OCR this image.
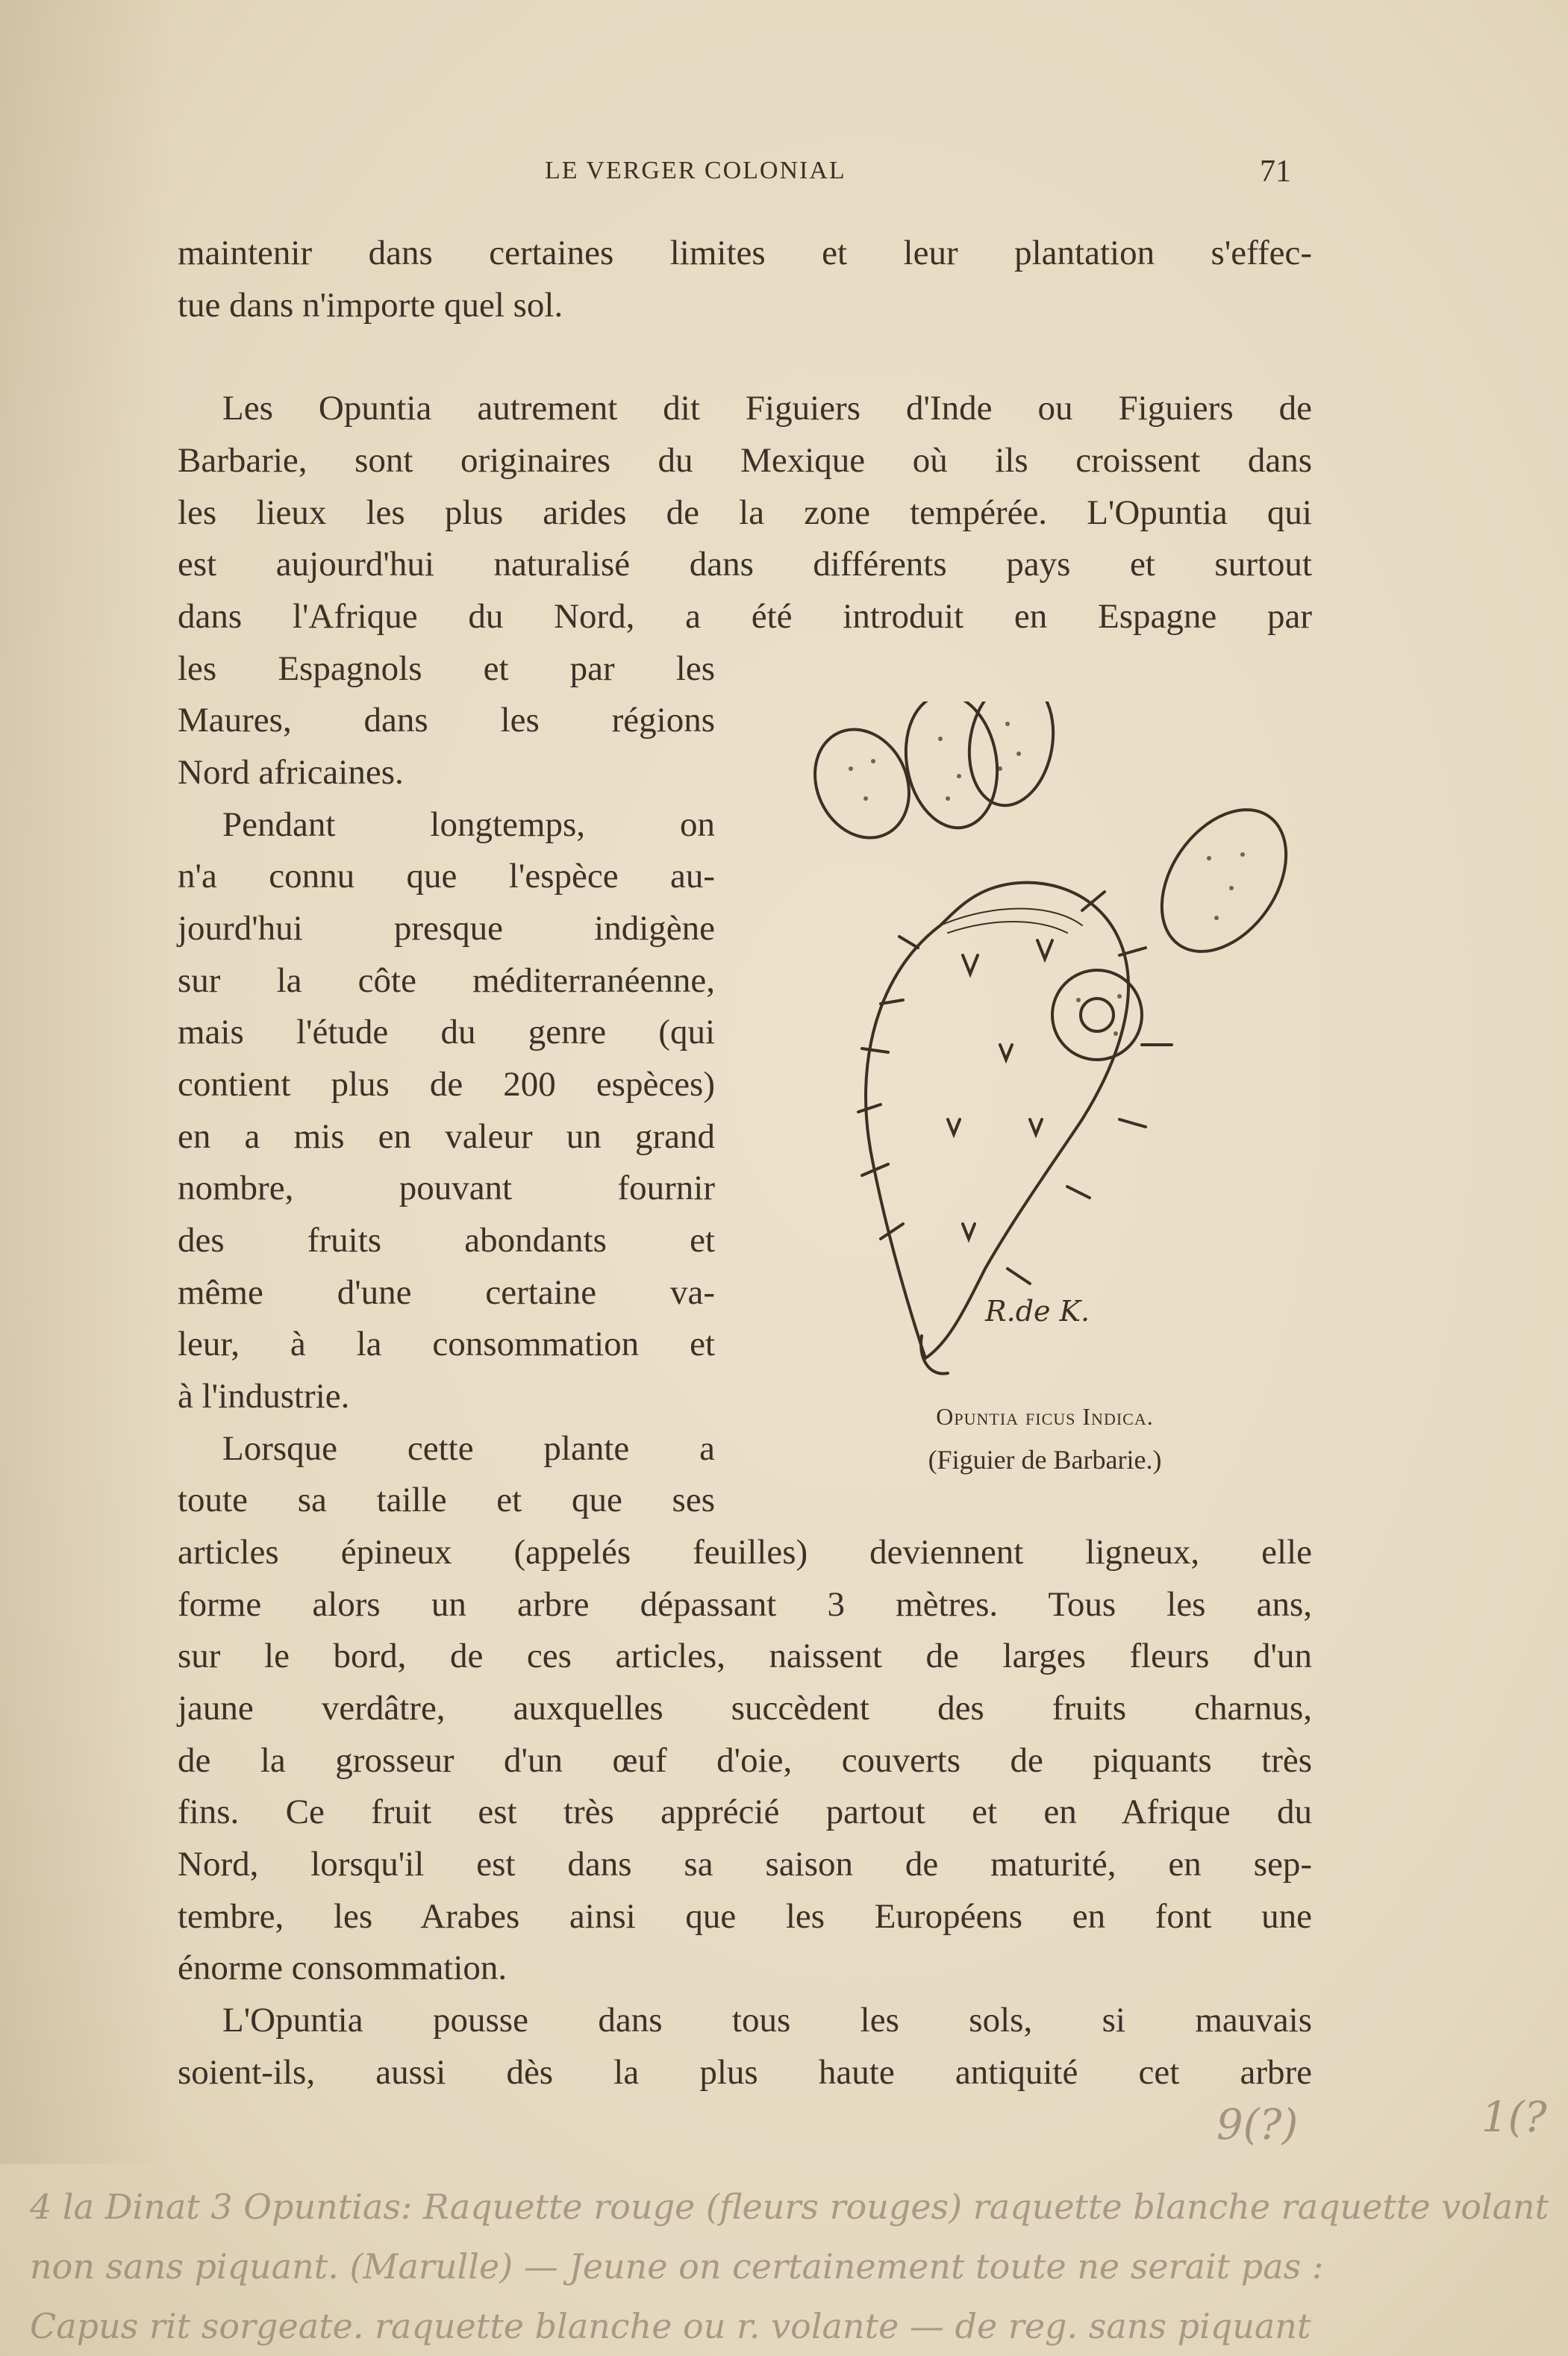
LE VERGER COLONIAL	71
maintenir dans certaines limites et leur plantation s'effec-
tue dans n'importe quel sol.
Les Opuntia autrement dit Figuiers d'Inde ou Figuiers de
Barbarie, sont originaires du Mexique où ils croissent dans
les lieux les plus arides de la zone tempérée. L'Opuntia qui
est aujourd'hui naturalisé dans différents pays et surtout
dans l'Afrique du Nord, a été introduit en Espagne par
les Espagnols et par les
Maures, dans les régions
Nord africaines.
Pendant longtemps, on
n'a connu que l'espèce au-
jourd'hui presque indigène
sur la côte méditerranéenne,
mais l'étude du genre (qui
contient plus de 200 espèces)
en a mis en valeur un grand
nombre, pouvant fournir
des fruits abondants et
même d'une certaine va-
leur, à la consommation et
à l'industrie.
Lorsque cette plante a
toute sa taille et que ses
articles épineux (appelés feuilles) deviennent ligneux, elle
forme alors un arbre dépassant 3 mètres. Tous les ans,
sur le bord, de ces articles, naissent de larges fleurs d'un
jaune verdâtre, auxquelles succèdent des fruits charnus,
de la grosseur d'un œuf d'oie, couverts de piquants très
fins. Ce fruit est très apprécié partout et en Afrique du
Nord, lorsqu'il est dans sa saison de maturité, en sep-
tembre, les Arabes ainsi que les Européens en font une
énorme consommation.
L'Opuntia pousse dans tous les sols, si mauvais
soient-ils, aussi dès la plus haute antiquité cet arbre
R.de K.
Opuntia ficus Indica.
(Figuier de Barbarie.)
4 la Dinat 3 Opuntias: Raquette rouge (fleurs rouges) raquette blanche raquette volant
non sans piquant. (Marulle) — Jeune on certainement toute ne serait pas :
Capus rit sorgeate. raquette blanche ou r. volante — de reg. sans piquant
9(?)	1(?
